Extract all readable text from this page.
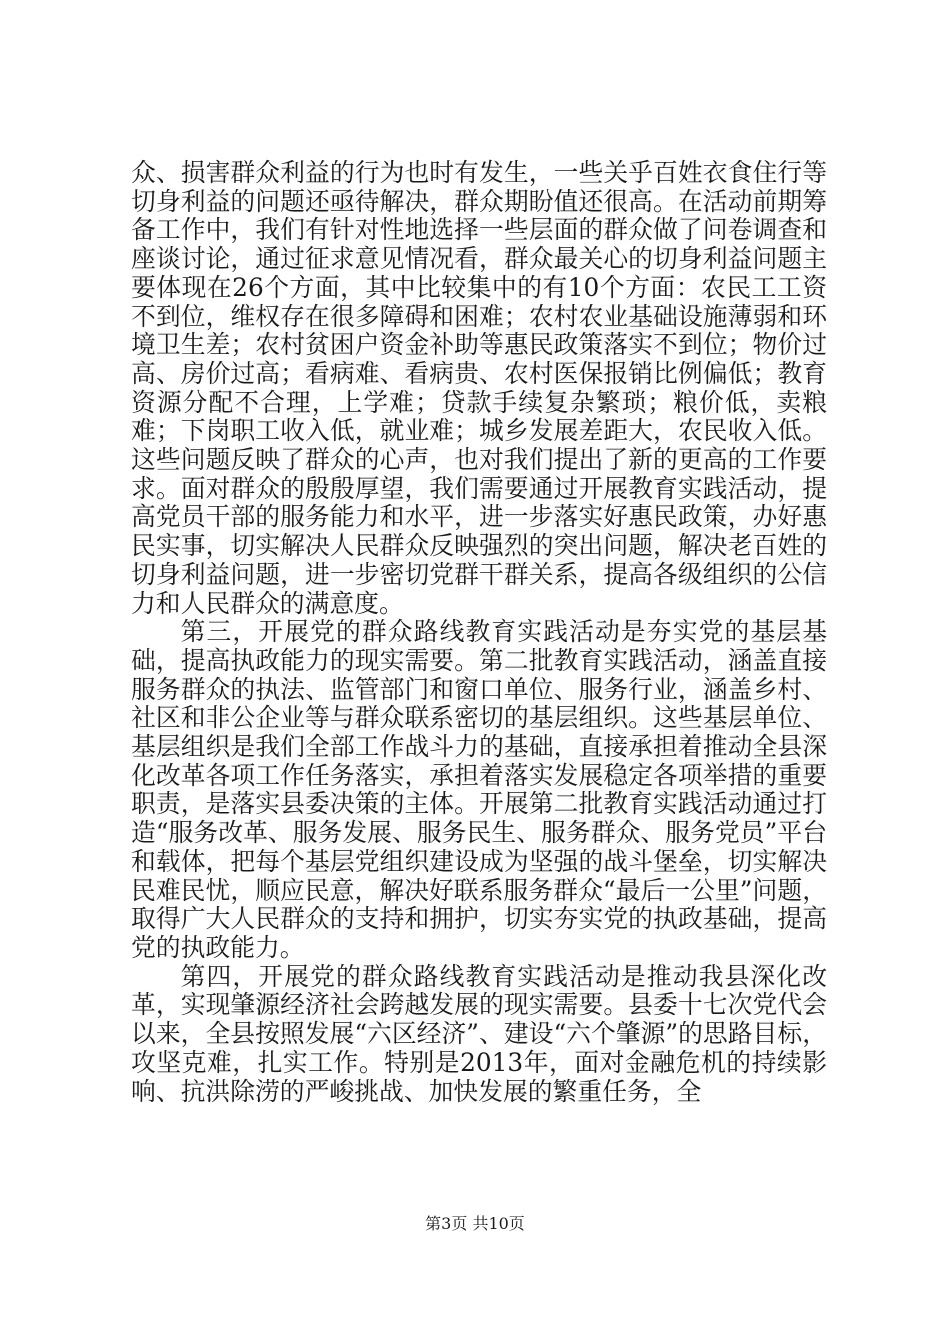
众、损害群众利益的行为也时有发生，一些关乎百姓衣食住行等切身利益的问题还亟待解决，群众期盼值还很高。在活动前期筹备工作中，我们有针对性地选择一些层面的群众做了问卷调查和座谈讨论，通过征求意见情况看，群众最关心的切身利益问题主要体现在26个方面，其中比较集中的有10个方面：农民工工资不到位，维权存在很多障碍和困难；农村农业基础设施薄弱和环境卫生差；农村贫困户资金补助等惠民政策落实不到位；物价过高、房价过高；看病难、看病贵、农村医保报销比例偏低；教育资源分配不合理，上学难；贷款手续复杂繁琐；粮价低，卖粮难；下岗职工收入低，就业难；城乡发展差距大，农民收入低。这些问题反映了群众的心声，也对我们提出了新的更高的工作要求。面对群众的殷殷厚望，我们需要通过开展教育实践活动，提高党员干部的服务能力和水平，进一步落实好惠民政策，办好惠民实事，切实解决人民群众反映强烈的突出问题，解决老百姓的切身利益问题，进一步密切党群干群关系，提高各级组织的公信力和人民群众的满意度。

第三，开展党的群众路线教育实践活动是夯实党的基层基础，提高执政能力的现实需要。第二批教育实践活动，涵盖直接服务群众的执法、监管部门和窗口单位、服务行业，涵盖乡村、社区和非公企业等与群众联系密切的基层组织。这些基层单位、基层组织是我们全部工作战斗力的基础，直接承担着推动全县深化改革各项工作任务落实，承担着落实发展稳定各项举措的重要职责，是落实县委决策的主体。开展第二批教育实践活动通过打造“服务改革、服务发展、服务民生、服务群众、服务党员”平台和载体，把每个基层党组织建设成为坚强的战斗堡垒，切实解决民难民忧，顺应民意，解决好联系服务群众“最后一公里”问题，取得广大人民群众的支持和拥护，切实夯实党的执政基础，提高党的执政能力。

第四，开展党的群众路线教育实践活动是推动我县深化改革，实现肇源经济社会跨越发展的现实需要。县委十七次党代会以来，全县按照发展“六区经济”、建设“六个肇源”的思路目标，攻坚克难，扎实工作。特别是2013年，面对金融危机的持续影响、抗洪除涝的严峻挑战、加快发展的繁重任务，全

第3页 共10页
